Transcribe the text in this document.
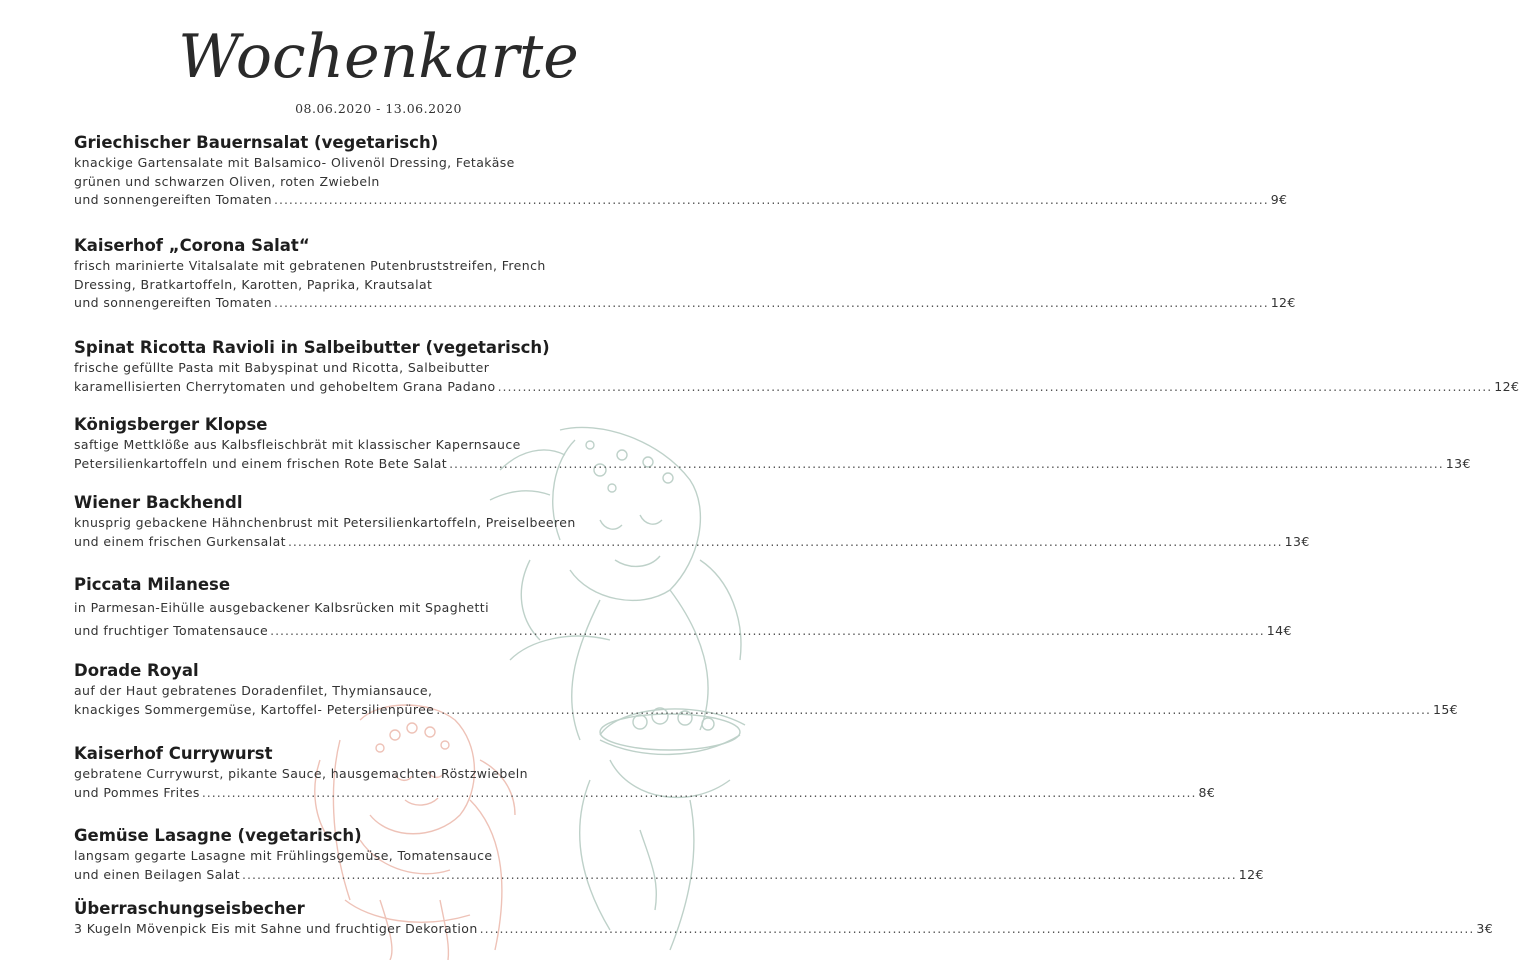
Wochenkarte
08.06.2020 - 13.06.2020
Griechischer Bauernsalat (vegetarisch)
knackige Gartensalate mit Balsamico- Olivenöl Dressing, Fetakäse
grünen und schwarzen Oliven, roten Zwiebeln
und sonnengereiften Tomaten ........................................................................................................................................................................................................ 9€
Kaiserhof „Corona Salat“
frisch marinierte Vitalsalate mit gebratenen Putenbruststreifen, French
Dressing, Bratkartoffeln, Karotten, Paprika, Krautsalat
und sonnengereiften Tomaten ........................................................................................................................................................................................................ 12€
Spinat Ricotta Ravioli in Salbeibutter (vegetarisch)
frische gefüllte Pasta mit Babyspinat und Ricotta, Salbeibutter
karamellisierten Cherrytomaten und gehobeltem Grana Padano ........................................................................................................................................................................................................ 12€
Königsberger Klopse
saftige Mettklöße aus Kalbsfleischbrät mit klassischer Kapernsauce
Petersilienkartoffeln und einem frischen Rote Bete Salat ........................................................................................................................................................................................................ 13€
Wiener Backhendl
knusprig gebackene Hähnchenbrust mit Petersilienkartoffeln, Preiselbeeren
und einem frischen Gurkensalat ........................................................................................................................................................................................................ 13€
Piccata Milanese
in Parmesan-Eihülle ausgebackener Kalbsrücken mit Spaghetti
und fruchtiger Tomatensauce ........................................................................................................................................................................................................ 14€
Dorade Royal
auf der Haut gebratenes Doradenfilet, Thymiansauce,
knackiges Sommergemüse, Kartoffel- Petersilienpüree ........................................................................................................................................................................................................ 15€
Kaiserhof Currywurst
gebratene Currywurst, pikante Sauce, hausgemachten Röstzwiebeln
und Pommes Frites ........................................................................................................................................................................................................ 8€
Gemüse Lasagne (vegetarisch)
langsam gegarte Lasagne mit Frühlingsgemüse, Tomatensauce
und einen Beilagen Salat ........................................................................................................................................................................................................ 12€
Überraschungseisbecher
3 Kugeln Mövenpick Eis mit Sahne und fruchtiger Dekoration ........................................................................................................................................................................................................ 3€
